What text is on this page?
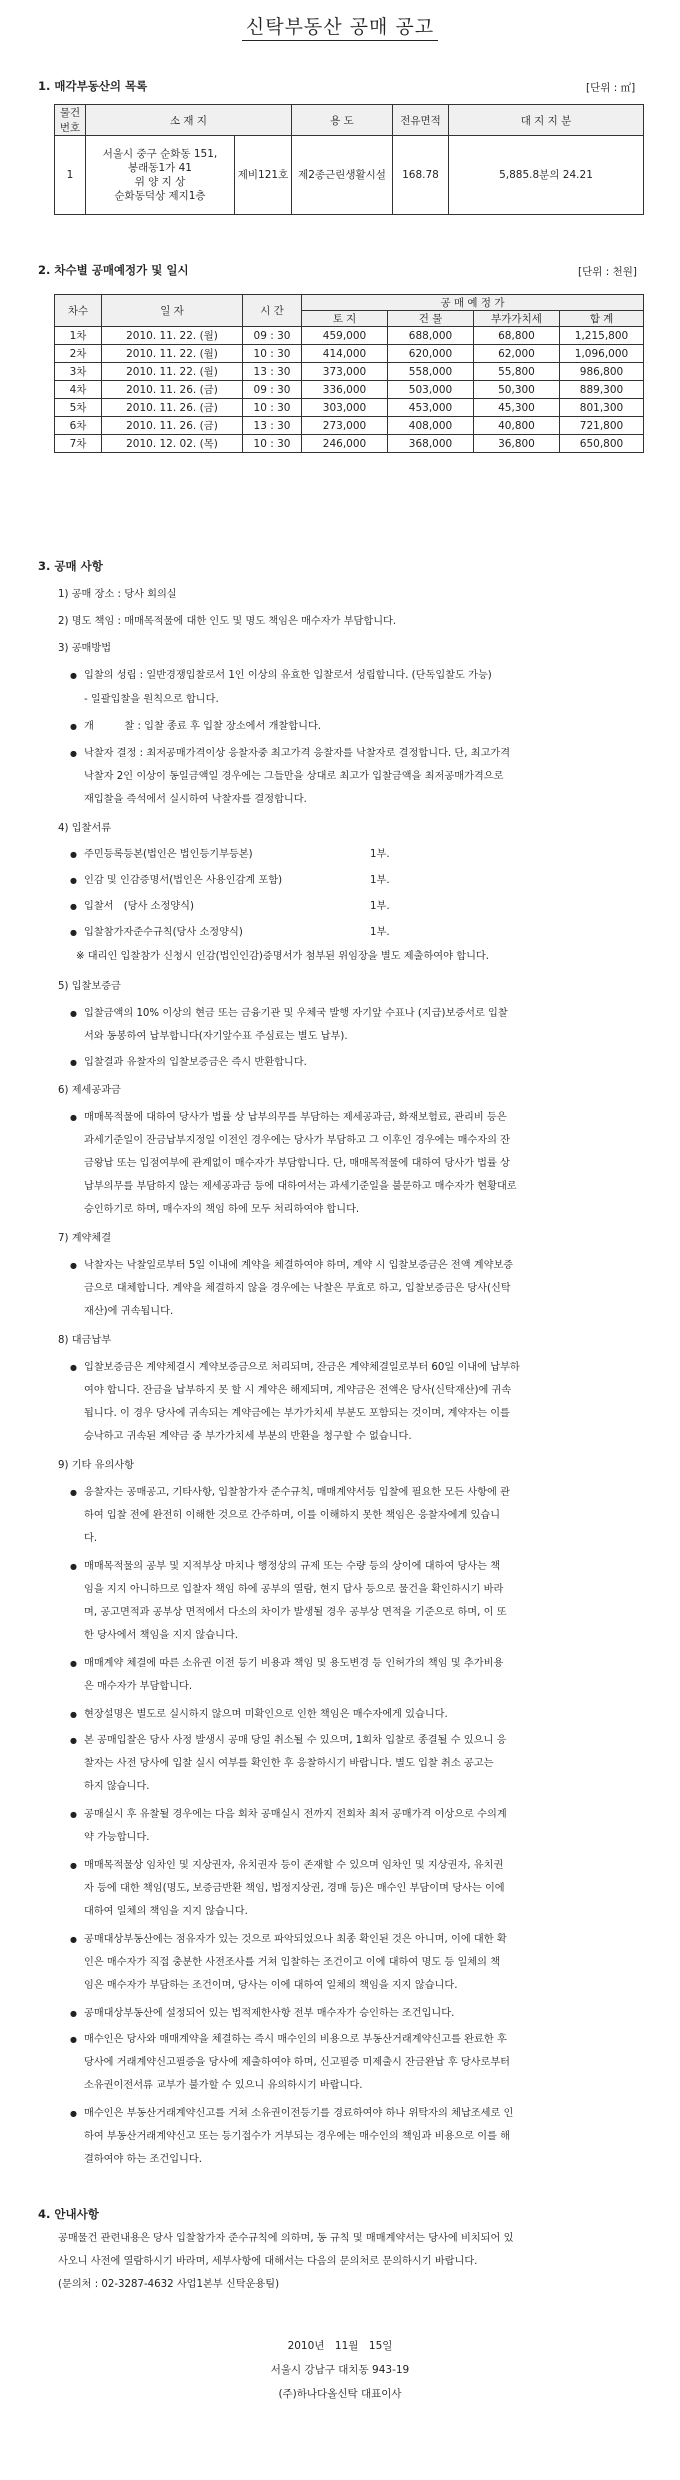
신탁부동산 공매 공고
1. 매각부동산의 목록	[단위 : ㎡]
물건번호	소 재 지		용 도	전유면적	대 지 지 분
1	서울시 중구 순화동 151,
봉래동1가 41
위 양 지 상
순화동덕상 제지1층	제비121호	제2종근린생활시설	168.78	5,885.8분의 24.21
2. 차수별 공매예정가 및 일시	[단위 : 천원]
차수	일 자	시 간	공 매 예 정 가			
			토 지	건 물	부가가치세	합 계
1차	2010. 11. 22. (월)	09 : 30	459,000	688,000	68,800	1,215,800
2차	2010. 11. 22. (월)	10 : 30	414,000	620,000	62,000	1,096,000
3차	2010. 11. 22. (월)	13 : 30	373,000	558,000	55,800	986,800
4차	2010. 11. 26. (금)	09 : 30	336,000	503,000	50,300	889,300
5차	2010. 11. 26. (금)	10 : 30	303,000	453,000	45,300	801,300
6차	2010. 11. 26. (금)	13 : 30	273,000	408,000	40,800	721,800
7차	2010. 12. 02. (목)	10 : 30	246,000	368,000	36,800	650,800
3. 공매 사항
1) 공매 장소 : 당사 회의실
2) 명도 책임 : 매매목적물에 대한 인도 및 명도 책임은 매수자가 부담합니다.
3) 공매방법
● 입찰의 성립 : 일반경쟁입찰로서 1인 이상의 유효한 입찰로서 성립합니다. (단독입찰도 가능)
- 일괄입찰을 원칙으로 합니다.
● 개　　　찰 : 입찰 종료 후 입찰 장소에서 개찰합니다.
● 낙찰자 결정 : 최저공매가격이상 응찰자중 최고가격 응찰자를 낙찰자로 결정합니다. 단, 최고가격
낙찰자 2인 이상이 동일금액일 경우에는 그들만을 상대로 최고가 입찰금액을 최저공매가격으로
재입찰을 즉석에서 실시하여 낙찰자를 결정합니다.
4) 입찰서류
● 주민등록등본(법인은 법인등기부등본)	1부.
● 인감 및 인감증명서(법인은 사용인감계 포함)	1부.
● 입찰서　(당사 소정양식)	1부.
● 입찰참가자준수규칙(당사 소정양식)	1부.
※ 대리인 입찰참가 신청시 인감(법인인감)증명서가 첨부된 위임장을 별도 제출하여야 합니다.
5) 입찰보증금
● 입찰금액의 10% 이상의 현금 또는 금융기관 및 우체국 발행 자기앞 수표나 (지급)보증서로 입찰
서와 동봉하여 납부합니다(자기앞수표 주심료는 별도 납부).
● 입찰결과 유찰자의 입찰보증금은 즉시 반환합니다.
6) 제세공과금
● 매매목적물에 대하여 당사가 법률 상 납부의무를 부담하는 제세공과금, 화재보험료, 관리비 등은
과세기준일이 잔금납부지정일 이전인 경우에는 당사가 부담하고 그 이후인 경우에는 매수자의 잔
금왕납 또는 입점여부에 관계없이 매수자가 부담합니다. 단, 매매목적물에 대하여 당사가 법률 상
납부의무를 부담하지 않는 제세공과금 등에 대하여서는 과세기준일을 불문하고 매수자가 현황대로
승인하기로 하며, 매수자의 책임 하에 모두 처리하여야 합니다.
7) 계약체결
● 낙찰자는 낙찰일로부터 5일 이내에 계약을 체결하여야 하며, 계약 시 입찰보증금은 전액 계약보증
금으로 대체합니다. 계약을 체결하지 않을 경우에는 낙찰은 무효로 하고, 입찰보증금은 당사(신탁
재산)에 귀속됩니다.
8) 대금납부
● 입찰보증금은 계약체결시 계약보증금으로 처리되며, 잔금은 계약체결일로부터 60일 이내에 납부하
여야 합니다. 잔금을 납부하지 못 할 시 계약은 해제되며, 계약금은 전액은 당사(신탁재산)에 귀속
됩니다. 이 경우 당사에 귀속되는 계약금에는 부가가치세 부분도 포함되는 것이며, 계약자는 이를
승낙하고 귀속된 계약금 중 부가가치세 부분의 반환을 청구할 수 없습니다.
9) 기타 유의사항
● 응찰자는 공매공고, 기타사항, 입찰참가자 준수규칙, 매매계약서등 입찰에 필요한 모든 사항에 관
하여 입찰 전에 완전히 이해한 것으로 간주하며, 이를 이해하지 못한 책임은 응찰자에게 있습니
다.
● 매매목적물의 공부 및 지적부상 마치나 행정상의 규제 또는 수량 등의 상이에 대하여 당사는 책
임을 지지 아니하므로 입찰자 책임 하에 공부의 열람, 현지 답사 등으로 물건을 확인하시기 바라
며, 공고면적과 공부상 면적에서 다소의 차이가 발생될 경우 공부상 면적을 기준으로 하며, 이 또
한 당사에서 책임을 지지 않습니다.
● 매매계약 체결에 따른 소유권 이전 등기 비용과 책임 및 용도변경 등 인허가의 책임 및 추가비용
은 매수자가 부담합니다.
● 현장설명은 별도로 실시하지 않으며 미확인으로 인한 책임은 매수자에게 있습니다.
● 본 공매입찰은 당사 사정 발생시 공매 당일 취소될 수 있으며, 1회차 입찰로 종결될 수 있으니 응
찰자는 사전 당사에 입찰 실시 여부를 확인한 후 응찰하시기 바랍니다. 별도 입찰 취소 공고는
하지 않습니다.
● 공매실시 후 유찰될 경우에는 다음 회차 공매실시 전까지 전회차 최저 공매가격 이상으로 수의계
약 가능합니다.
● 매매목적물상 임차인 및 지상권자, 유치권자 등이 존재할 수 있으며 임차인 및 지상권자, 유치권
자 등에 대한 책임(명도, 보증금반환 책임, 법정지상권, 경매 등)은 매수인 부담이며 당사는 이에
대하여 일체의 책임을 지지 않습니다.
● 공매대상부동산에는 점유자가 있는 것으로 파악되었으나 최종 확인된 것은 아니며, 이에 대한 확
인은 매수자가 직접 충분한 사전조사를 거쳐 입찰하는 조건이고 이에 대하여 명도 등 일체의 책
임은 매수자가 부담하는 조건이며, 당사는 이에 대하여 일체의 책임을 지지 않습니다.
● 공매대상부동산에 설정되어 있는 법적제한사항 전부 매수자가 승인하는 조건입니다.
● 매수인은 당사와 매매계약을 체결하는 즉시 매수인의 비용으로 부동산거래계약신고를 완료한 후
당사에 거래계약신고필증을 당사에 제출하여야 하며, 신고필증 미제출시 잔금완납 후 당사로부터
소유권이전서류 교부가 불가할 수 있으니 유의하시기 바랍니다.
● 매수인은 부동산거래계약신고를 거쳐 소유권이전등기를 경료하여야 하나 위탁자의 체납조세로 인
하여 부동산거래계약신고 또는 등기접수가 거부되는 경우에는 매수인의 책임과 비용으로 이를 해
결하여야 하는 조건입니다.
4. 안내사항
공매물건 관련내용은 당사 입찰참가자 준수규칙에 의하며, 동 규칙 및 매매계약서는 당사에 비치되어 있
사오니 사전에 열람하시기 바라며, 세부사항에 대해서는 다음의 문의처로 문의하시기 바랍니다.
(문의처 : 02-3287-4632 사업1본부 신탁운용팀)
2010년　11월　15일
서울시 강남구 대치동 943-19
(주)하나다올신탁 대표이사
